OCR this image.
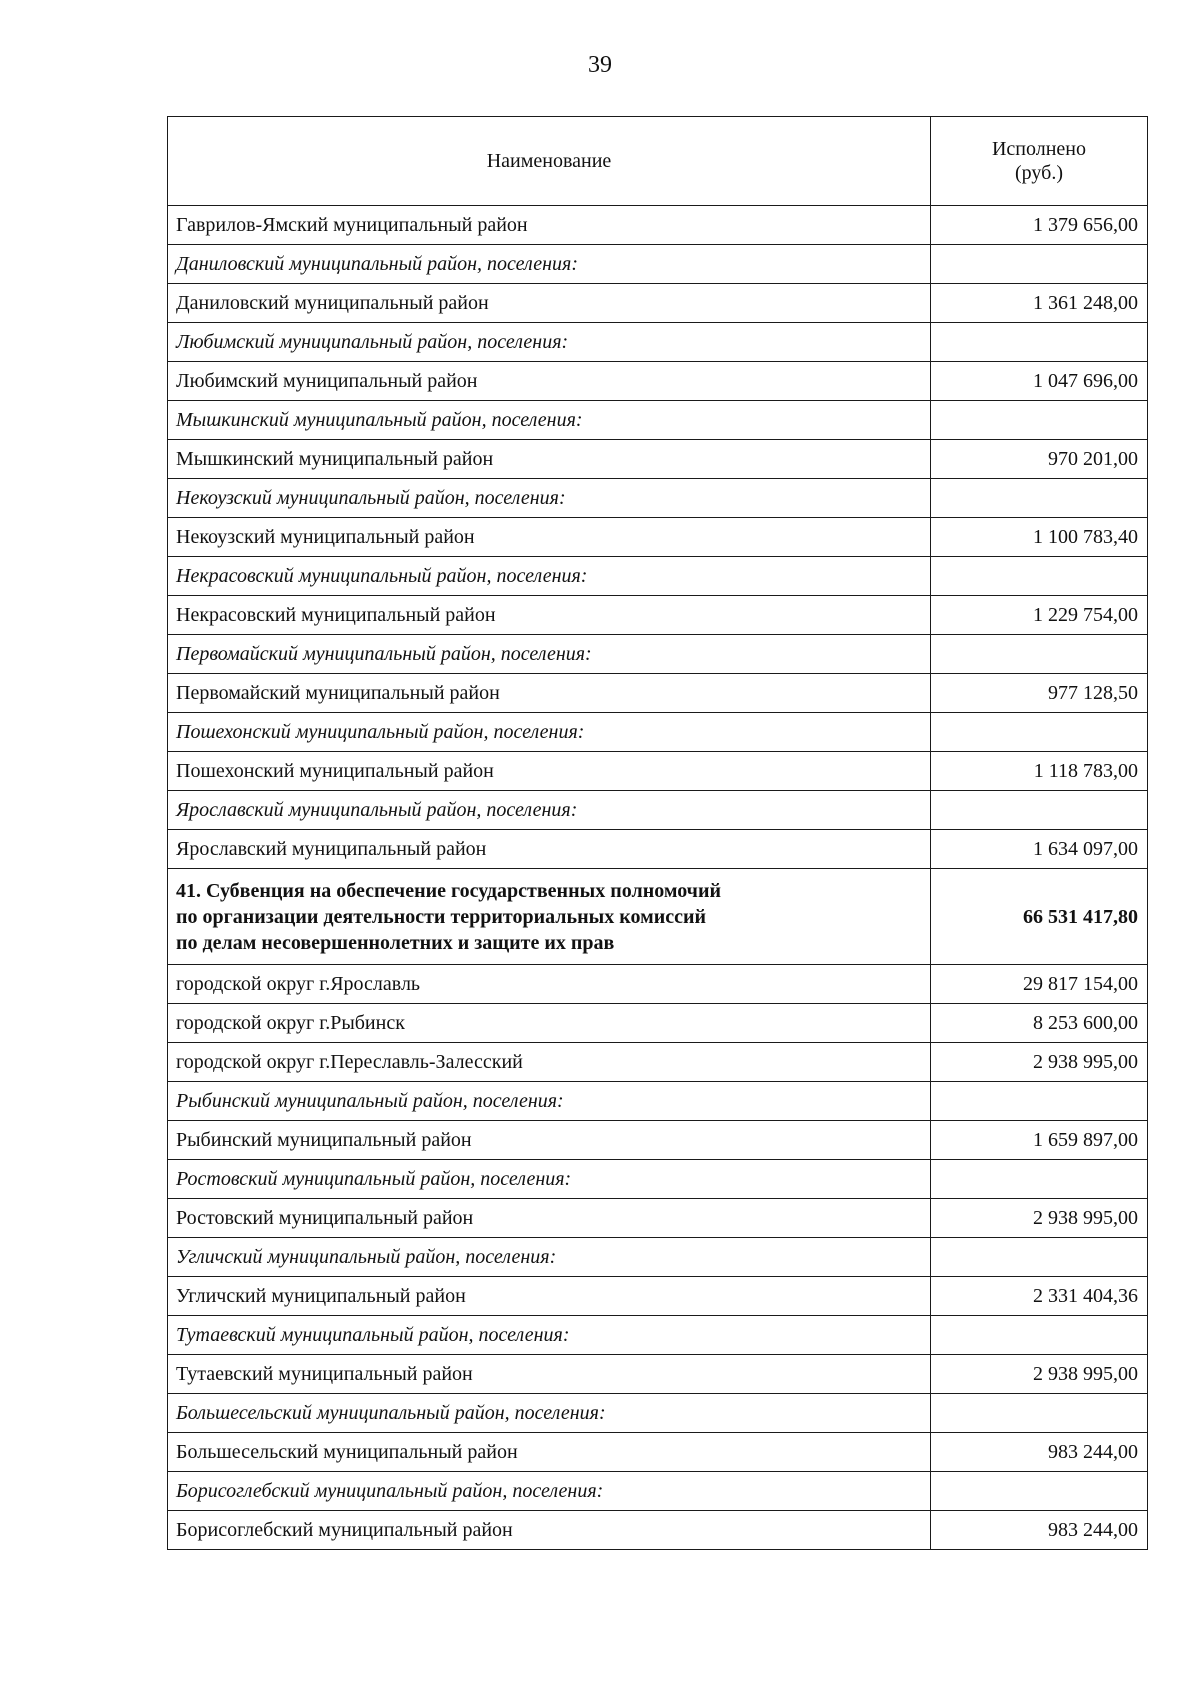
39
Наименование	Исполнено
(руб.)
Гаврилов-Ямский муниципальный район	1 379 656,00
Даниловский муниципальный район, поселения:	
Даниловский муниципальный район	1 361 248,00
Любимский муниципальный район, поселения:	
Любимский муниципальный район	1 047 696,00
Мышкинский муниципальный район, поселения:	
Мышкинский муниципальный район	970 201,00
Некоузский муниципальный район, поселения:	
Некоузский муниципальный район	1 100 783,40
Некрасовский муниципальный район, поселения:	
Некрасовский муниципальный район	1 229 754,00
Первомайский муниципальный район, поселения:	
Первомайский муниципальный район	977 128,50
Пошехонский муниципальный район, поселения:	
Пошехонский муниципальный район	1 118 783,00
Ярославский муниципальный район, поселения:	
Ярославский муниципальный район	1 634 097,00
41. Субвенция на обеспечение государственных полномочий
по организации деятельности территориальных комиссий
по делам несовершеннолетних и защите их прав	66 531 417,80
городской округ г.Ярославль	29 817 154,00
городской округ г.Рыбинск	8 253 600,00
городской округ г.Переславль-Залесский	2 938 995,00
Рыбинский муниципальный район, поселения:	
Рыбинский муниципальный район	1 659 897,00
Ростовский муниципальный район, поселения:	
Ростовский муниципальный район	2 938 995,00
Угличский муниципальный район, поселения:	
Угличский муниципальный район	2 331 404,36
Тутаевский муниципальный район, поселения:	
Тутаевский муниципальный район	2 938 995,00
Большесельский муниципальный район, поселения:	
Большесельский муниципальный район	983 244,00
Борисоглебский муниципальный район, поселения:	
Борисоглебский муниципальный район	983 244,00
